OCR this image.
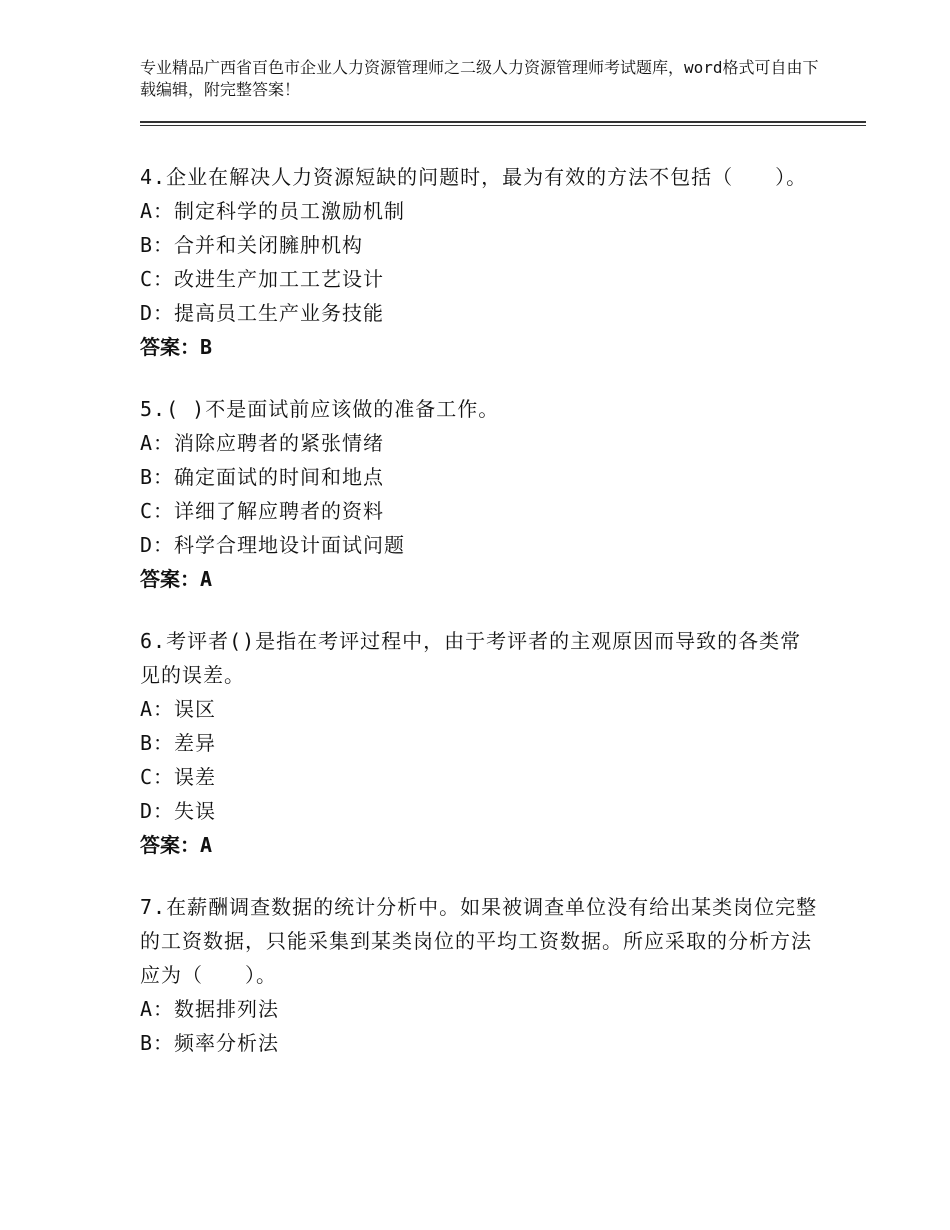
专业精品广西省百色市企业人力资源管理师之二级人力资源管理师考试题库，word格式可自由下载编辑，附完整答案！
4.企业在解决人力资源短缺的问题时，最为有效的方法不包括（　　）。
A：制定科学的员工激励机制
B：合并和关闭臃肿机构
C：改进生产加工工艺设计
D：提高员工生产业务技能
答案：B
5.( )不是面试前应该做的准备工作。
A：消除应聘者的紧张情绪
B：确定面试的时间和地点
C：详细了解应聘者的资料
D：科学合理地设计面试问题
答案：A
6.考评者()是指在考评过程中，由于考评者的主观原因而导致的各类常见的误差。
A：误区
B：差异
C：误差
D：失误
答案：A
7.在薪酬调查数据的统计分析中。如果被调查单位没有给出某类岗位完整的工资数据，只能采集到某类岗位的平均工资数据。所应采取的分析方法应为（　　）。
A：数据排列法
B：频率分析法
